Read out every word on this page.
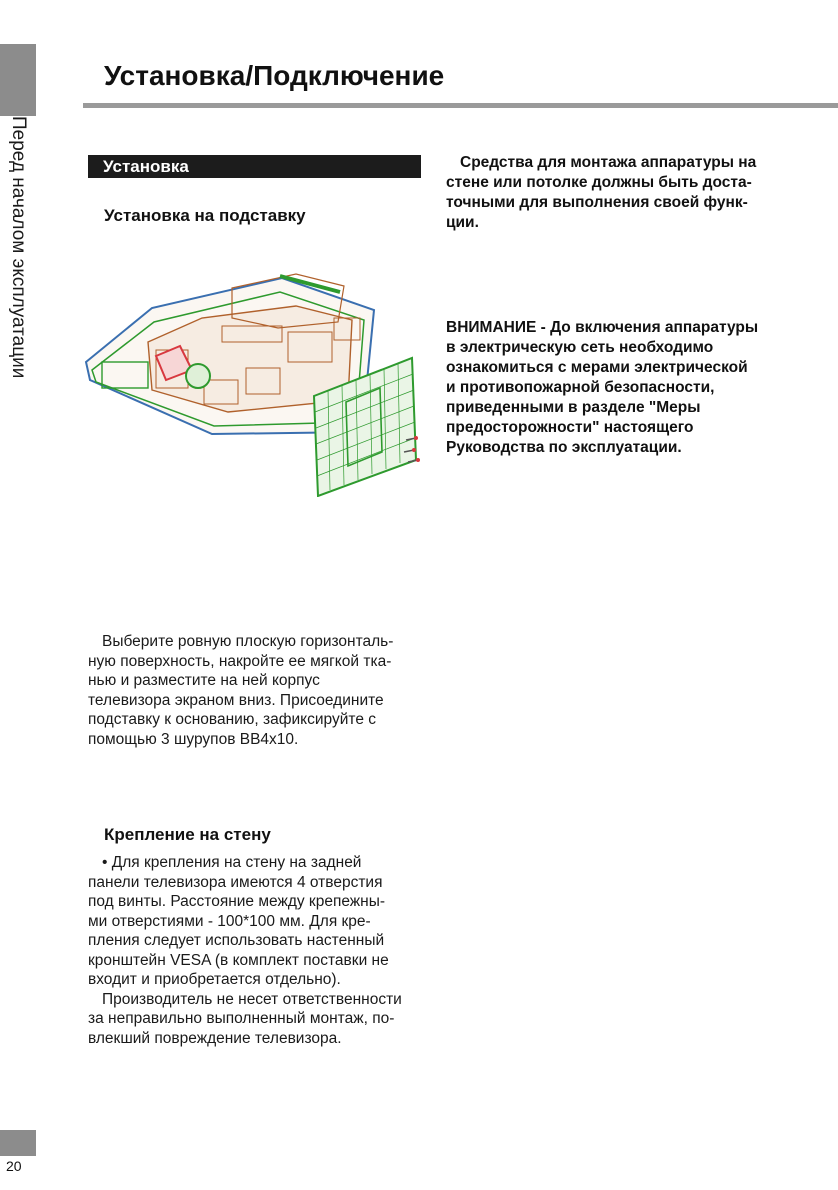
Перед началом эксплуатации
Установка/Подключение
Установка
Установка на подставку
Выберите ровную плоскую горизонталь-
ную поверхность, накройте ее мягкой тка-
нью и разместите на ней корпус
телевизора экраном вниз. Присоедините
подставку к основанию, зафиксируйте с
помощью 3 шурупов BB4x10.
Крепление на стену
• Для крепления на стену на задней
панели телевизора имеются 4 отверстия
под винты. Расстояние между крепежны-
ми отверстиями - 100*100 мм. Для кре-
пления следует использовать настенный
кронштейн VESA (в комплект поставки не
входит и приобретается отдельно).
Производитель не несет ответственности
за неправильно выполненный монтаж, по-
влекший повреждение телевизора.
Средства для монтажа аппаратуры на
стене или потолке должны быть доста-
точными для выполнения своей функ-
ции.
ВНИМАНИЕ - До включения аппаратуры
в электрическую сеть необходимо
ознакомиться с мерами электрической
и противопожарной безопасности,
приведенными в разделе "Меры
предосторожности" настоящего
Руководства по эксплуатации.
20
